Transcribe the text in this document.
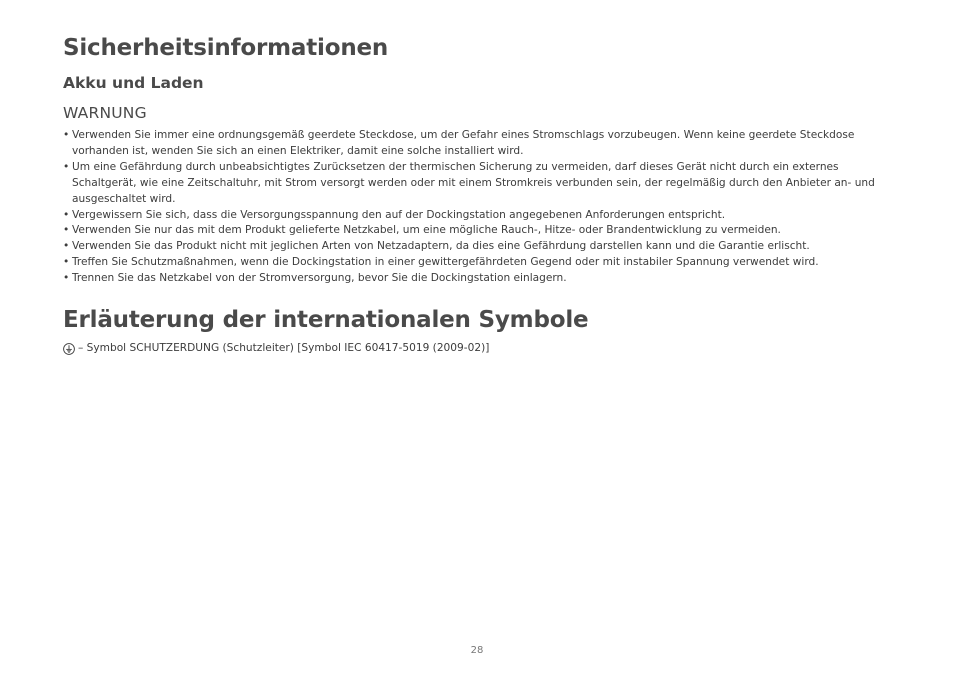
Sicherheitsinformationen
Akku und Laden
WARNUNG
• Verwenden Sie immer eine ordnungsgemäß geerdete Steckdose, um der Gefahr eines Stromschlags vorzubeugen. Wenn keine geerdete Steckdose vorhanden ist, wenden Sie sich an einen Elektriker, damit eine solche installiert wird.
• Um eine Gefährdung durch unbeabsichtigtes Zurücksetzen der thermischen Sicherung zu vermeiden, darf dieses Gerät nicht durch ein externes Schaltgerät, wie eine Zeitschaltuhr, mit Strom versorgt werden oder mit einem Stromkreis verbunden sein, der regelmäßig durch den Anbieter an- und ausgeschaltet wird.
• Vergewissern Sie sich, dass die Versorgungsspannung den auf der Dockingstation angegebenen Anforderungen entspricht.
• Verwenden Sie nur das mit dem Produkt gelieferte Netzkabel, um eine mögliche Rauch-, Hitze- oder Brandentwicklung zu vermeiden.
• Verwenden Sie das Produkt nicht mit jeglichen Arten von Netzadaptern, da dies eine Gefährdung darstellen kann und die Garantie erlischt.
• Treffen Sie Schutzmaßnahmen, wenn die Dockingstation in einer gewittergefährdeten Gegend oder mit instabiler Spannung verwendet wird.
• Trennen Sie das Netzkabel von der Stromversorgung, bevor Sie die Dockingstation einlagern.
Erläuterung der internationalen Symbole
– Symbol SCHUTZERDUNG (Schutzleiter) [Symbol IEC 60417-5019 (2009-02)]
28
